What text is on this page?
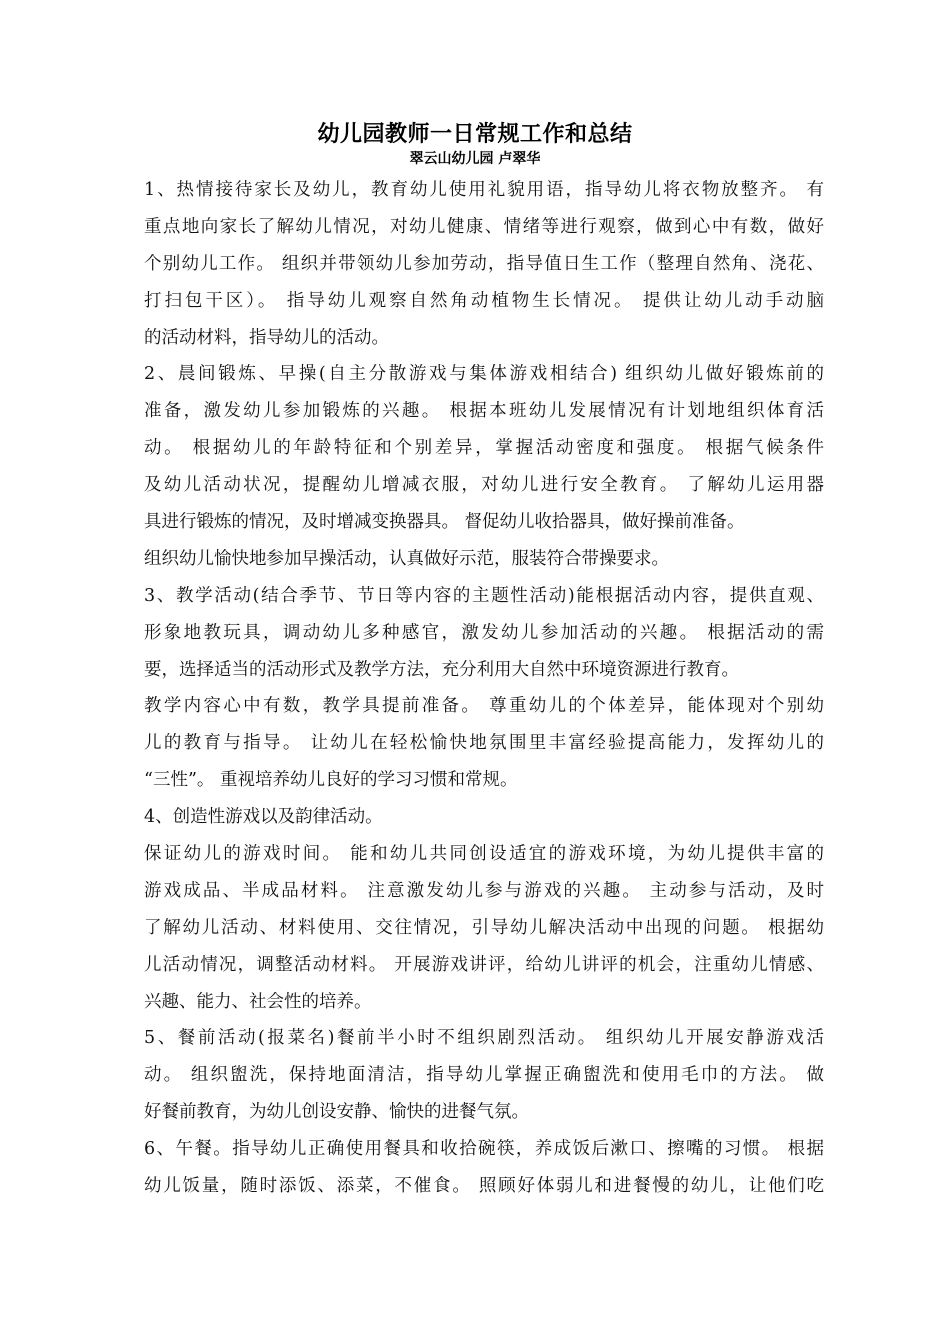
幼儿园教师一日常规工作和总结
翠云山幼儿园 卢翠华
1、热情接待家长及幼儿，教育幼儿使用礼貌用语，指导幼儿将衣物放整齐。 有
重点地向家长了解幼儿情况，对幼儿健康、情绪等进行观察，做到心中有数，做好
个别幼儿工作。 组织并带领幼儿参加劳动，指导值日生工作（整理自然角、浇花、
打扫包干区）。 指导幼儿观察自然角动植物生长情况。 提供让幼儿动手动脑
的活动材料，指导幼儿的活动。
2、晨间锻炼、早操(自主分散游戏与集体游戏相结合) 组织幼儿做好锻炼前的
准备，激发幼儿参加锻炼的兴趣。 根据本班幼儿发展情况有计划地组织体育活
动。 根据幼儿的年龄特征和个别差异，掌握活动密度和强度。 根据气候条件
及幼儿活动状况，提醒幼儿增减衣服，对幼儿进行安全教育。 了解幼儿运用器
具进行锻炼的情况，及时增减变换器具。 督促幼儿收拾器具，做好操前准备。
组织幼儿愉快地参加早操活动，认真做好示范，服装符合带操要求。
3、教学活动(结合季节、节日等内容的主题性活动)能根据活动内容，提供直观、
形象地教玩具，调动幼儿多种感官，激发幼儿参加活动的兴趣。 根据活动的需
要，选择适当的活动形式及教学方法，充分利用大自然中环境资源进行教育。
教学内容心中有数，教学具提前准备。 尊重幼儿的个体差异，能体现对个别幼
儿的教育与指导。 让幼儿在轻松愉快地氛围里丰富经验提高能力，发挥幼儿的
“三性”。 重视培养幼儿良好的学习习惯和常规。
4、创造性游戏以及韵律活动。
保证幼儿的游戏时间。 能和幼儿共同创设适宜的游戏环境，为幼儿提供丰富的
游戏成品、半成品材料。 注意激发幼儿参与游戏的兴趣。 主动参与活动，及时
了解幼儿活动、材料使用、交往情况，引导幼儿解决活动中出现的问题。 根据幼
儿活动情况，调整活动材料。 开展游戏讲评，给幼儿讲评的机会，注重幼儿情感、
兴趣、能力、社会性的培养。
5、餐前活动(报菜名)餐前半小时不组织剧烈活动。 组织幼儿开展安静游戏活
动。 组织盥洗，保持地面清洁，指导幼儿掌握正确盥洗和使用毛巾的方法。 做
好餐前教育，为幼儿创设安静、愉快的进餐气氛。
6、午餐。指导幼儿正确使用餐具和收拾碗筷，养成饭后漱口、擦嘴的习惯。 根据
幼儿饭量，随时添饭、添菜，不催食。 照顾好体弱儿和进餐慢的幼儿，让他们吃
